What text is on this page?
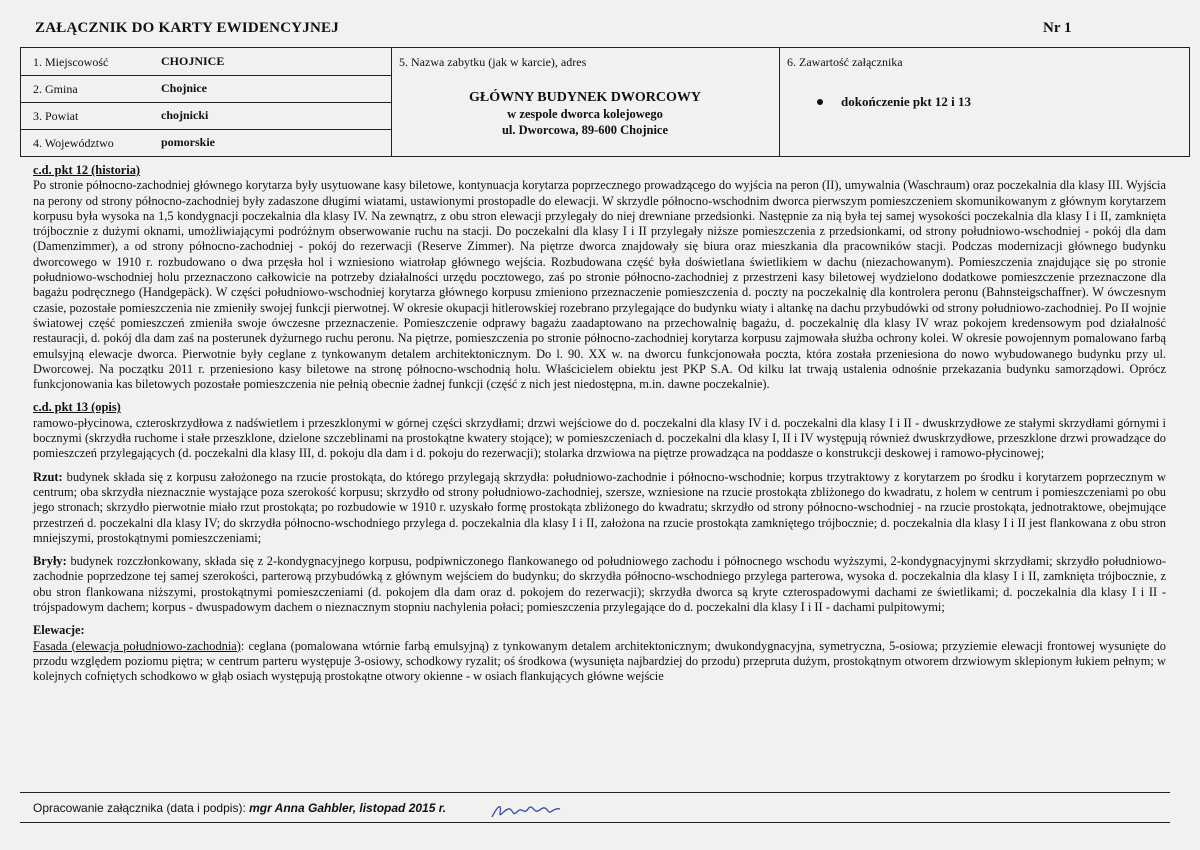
ZAŁĄCZNIK DO KARTY EWIDENCYJNEJ	Nr 1
1. Miejscowość	CHOJNICE
2. Gmina	Chojnice
3. Powiat	chojnicki
4. Województwo	pomorskie
5. Nazwa zabytku (jak w karcie), adres
GŁÓWNY BUDYNEK DWORCOWY
w zespole dworca kolejowego
ul. Dworcowa, 89-600 Chojnice
6. Zawartość załącznika
dokończenie pkt 12 i 13
c.d. pkt 12 (historia)

Po stronie północno-zachodniej głównego korytarza były usytuowane kasy biletowe, kontynuacja korytarza poprzecznego prowadzącego do wyjścia na peron (II), umywalnia (Waschraum) oraz poczekalnia dla klasy III. Wyjścia na perony od strony północno-zachodniej były zadaszone długimi wiatami, ustawionymi prostopadle do elewacji. W skrzydle północno-wschodnim dworca pierwszym pomieszczeniem skomunikowanym z głównym korytarzem korpusu była wysoka na 1,5 kondygnacji poczekalnia dla klasy IV. Na zewnątrz, z obu stron elewacji przylegały do niej drewniane przedsionki. Następnie za nią była tej samej wysokości poczekalnia dla klasy I i II, zamknięta trójbocznie z dużymi oknami, umożliwiającymi podróżnym obserwowanie ruchu na stacji. Do poczekalni dla klasy I i II przylegały niższe pomieszczenia z przedsionkami, od strony południowo-wschodniej - pokój dla dam (Damenzimmer), a od strony północno-zachodniej - pokój do rezerwacji (Reserve Zimmer). Na piętrze dworca znajdowały się biura oraz mieszkania dla pracowników stacji. Podczas modernizacji głównego budynku dworcowego w 1910 r. rozbudowano o dwa przęsła hol i wzniesiono wiatrołap głównego wejścia. Rozbudowana część była doświetlana świetlikiem w dachu (niezachowanym). Pomieszczenia znajdujące się po stronie południowo-wschodniej holu przeznaczono całkowicie na potrzeby działalności urzędu pocztowego, zaś po stronie północno-zachodniej z przestrzeni kasy biletowej wydzielono dodatkowe pomieszczenie przeznaczone dla bagażu podręcznego (Handgepäck). W części południowo-wschodniej korytarza głównego korpusu zmieniono przeznaczenie pomieszczenia d. poczty na poczekalnię dla kontrolera peronu (Bahnsteigschaffner). W ówczesnym czasie, pozostałe pomieszczenia nie zmieniły swojej funkcji pierwotnej. W okresie okupacji hitlerowskiej rozebrano przylegające do budynku wiaty i altankę na dachu przybudówki od strony południowo-zachodniej. Po II wojnie światowej część pomieszczeń zmieniła swoje ówczesne przeznaczenie. Pomieszczenie odprawy bagażu zaadaptowano na przechowalnię bagażu, d. poczekalnię dla klasy IV wraz pokojem kredensowym pod działalność restauracji, d. pokój dla dam zaś na posterunek dyżurnego ruchu peronu. Na piętrze, pomieszczenia po stronie północno-zachodniej korytarza korpusu zajmowała służba ochrony kolei. W okresie powojennym pomalowano farbą emulsyjną elewacje dworca. Pierwotnie były ceglane z tynkowanym detalem architektonicznym. Do l. 90. XX w. na dworcu funkcjonowała poczta, która została przeniesiona do nowo wybudowanego budynku przy ul. Dworcowej. Na początku 2011 r. przeniesiono kasy biletowe na stronę północno-wschodnią holu. Właścicielem obiektu jest PKP S.A. Od kilku lat trwają ustalenia odnośnie przekazania budynku samorządowi. Oprócz funkcjonowania kas biletowych pozostałe pomieszczenia nie pełnią obecnie żadnej funkcji (część z nich jest niedostępna, m.in. dawne poczekalnie).

c.d. pkt 13 (opis)

ramowo-płycinowa, czteroskrzydłowa z nadświetlem i przeszklonymi w górnej części skrzydłami; drzwi wejściowe do d. poczekalni dla klasy IV i d. poczekalni dla klasy I i II - dwuskrzydłowe ze stałymi skrzydłami górnymi i bocznymi (skrzydła ruchome i stałe przeszklone, dzielone szczeblinami na prostokątne kwatery stojące); w pomieszczeniach d. poczekalni dla klasy I, II i IV występują również dwuskrzydłowe, przeszklone drzwi prowadzące do pomieszczeń przylegających (d. poczekalni dla klasy III, d. pokoju dla dam i d. pokoju do rezerwacji); stolarka drzwiowa na piętrze prowadząca na poddasze o konstrukcji deskowej i ramowo-płycinowej;

Rzut: budynek składa się z korpusu założonego na rzucie prostokąta, do którego przylegają skrzydła: południowo-zachodnie i północno-wschodnie; korpus trzytraktowy z korytarzem po środku i korytarzem poprzecznym w centrum; oba skrzydła nieznacznie wystające poza szerokość korpusu; skrzydło od strony południowo-zachodniej, szersze, wzniesione na rzucie prostokąta zbliżonego do kwadratu, z holem w centrum i pomieszczeniami po obu jego stronach; skrzydło pierwotnie miało rzut prostokąta; po rozbudowie w 1910 r. uzyskało formę prostokąta zbliżonego do kwadratu; skrzydło od strony północno-wschodniej - na rzucie prostokąta, jednotraktowe, obejmujące przestrzeń d. poczekalni dla klasy IV; do skrzydła północno-wschodniego przylega d. poczekalnia dla klasy I i II, założona na rzucie prostokąta zamkniętego trójbocznie; d. poczekalnia dla klasy I i II jest flankowana z obu stron mniejszymi, prostokątnymi pomieszczeniami;

Bryły: budynek rozczłonkowany, składa się z 2-kondygnacyjnego korpusu, podpiwniczonego flankowanego od południowego zachodu i północnego wschodu wyższymi, 2-kondygnacyjnymi skrzydłami; skrzydło południowo-zachodnie poprzedzone tej samej szerokości, parterową przybudówką z głównym wejściem do budynku; do skrzydła północno-wschodniego przylega parterowa, wysoka d. poczekalnia dla klasy I i II, zamknięta trójbocznie, z obu stron flankowana niższymi, prostokątnymi pomieszczeniami (d. pokojem dla dam oraz d. pokojem do rezerwacji); skrzydła dworca są kryte czterospadowymi dachami ze świetlikami; d. poczekalnia dla klasy I i II - trójspadowym dachem; korpus - dwuspadowym dachem o nieznacznym stopniu nachylenia połaci; pomieszczenia przylegające do d. poczekalni dla klasy I i II - dachami pulpitowymi;

Elewacje:

Fasada (elewacja południowo-zachodnia): ceglana (pomalowana wtórnie farbą emulsyjną) z tynkowanym detalem architektonicznym; dwukondygnacyjna, symetryczna, 5-osiowa; przyziemie elewacji frontowej wysunięte do przodu względem poziomu piętra; w centrum parteru występuje 3-osiowy, schodkowy ryzalit; oś środkowa (wysunięta najbardziej do przodu) przeprutа dużym, prostokątnym otworem drzwiowym sklepionym łukiem pełnym; w kolejnych cofniętych schodkowo w głąb osiach występują prostokątne otwory okienne - w osiach flankujących główne wejście

Opracowanie załącznika (data i podpis): mgr Anna Gahbler, listopad 2015 r.
